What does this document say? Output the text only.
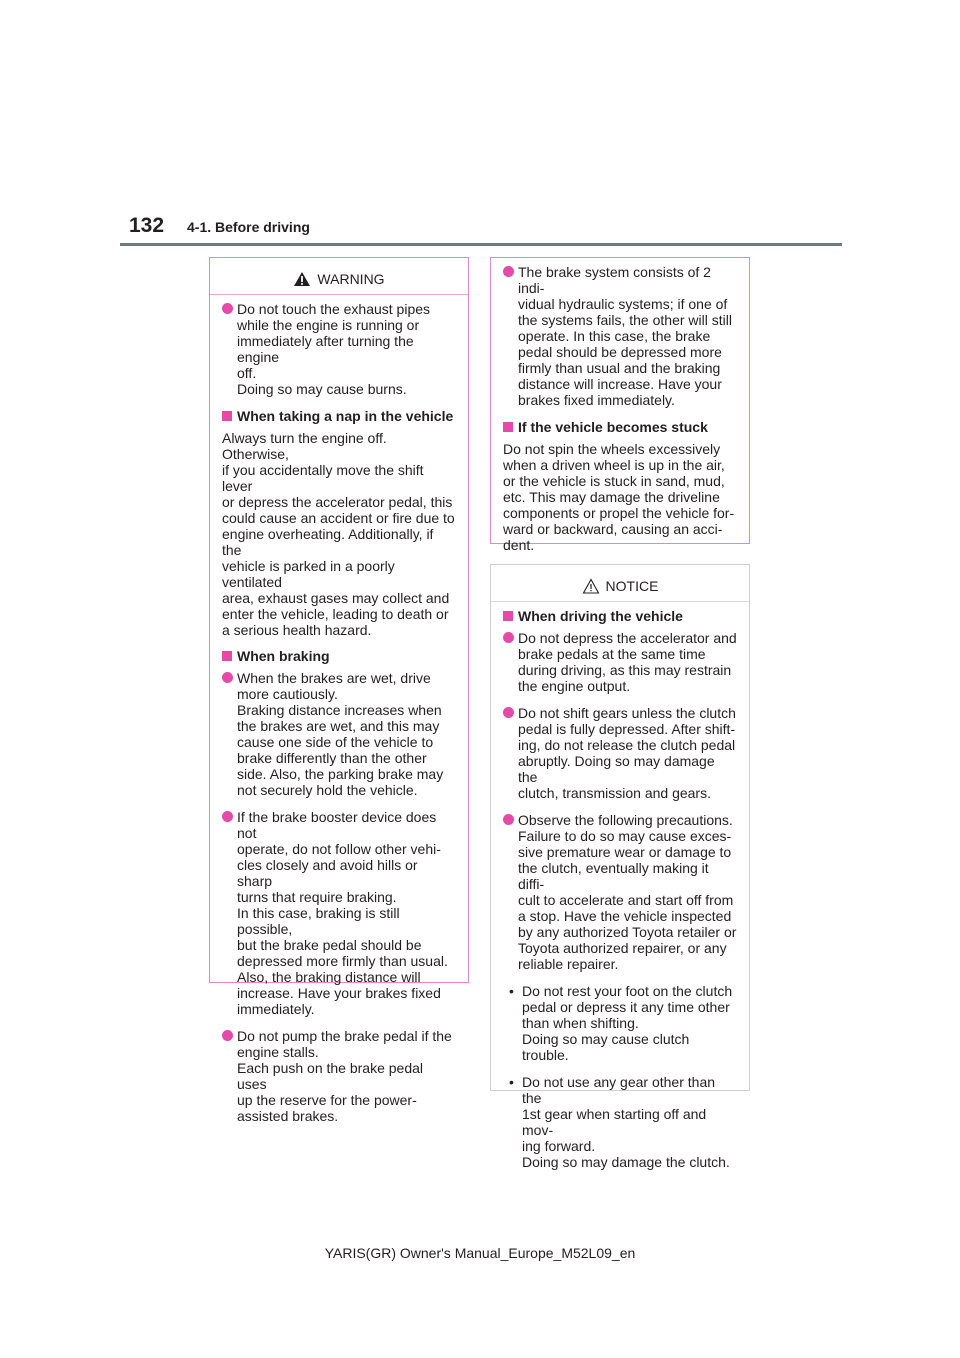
132 4-1. Before driving
WARNING
Do not touch the exhaust pipes
while the engine is running or
immediately after turning the engine
off.
Doing so may cause burns.
When taking a nap in the vehicle

Always turn the engine off. Otherwise,
if you accidentally move the shift lever
or depress the accelerator pedal, this
could cause an accident or fire due to
engine overheating. Additionally, if the
vehicle is parked in a poorly ventilated
area, exhaust gases may collect and
enter the vehicle, leading to death or
a serious health hazard.

When braking
When the brakes are wet, drive
more cautiously.
Braking distance increases when
the brakes are wet, and this may
cause one side of the vehicle to
brake differently than the other
side. Also, the parking brake may
not securely hold the vehicle.
If the brake booster device does not
operate, do not follow other vehi-
cles closely and avoid hills or sharp
turns that require braking.
In this case, braking is still possible,
but the brake pedal should be
depressed more firmly than usual.
Also, the braking distance will
increase. Have your brakes fixed
immediately.
Do not pump the brake pedal if the
engine stalls.
Each push on the brake pedal uses
up the reserve for the power-
assisted brakes.
The brake system consists of 2 indi-
vidual hydraulic systems; if one of
the systems fails, the other will still
operate. In this case, the brake
pedal should be depressed more
firmly than usual and the braking
distance will increase. Have your
brakes fixed immediately.
If the vehicle becomes stuck

Do not spin the wheels excessively
when a driven wheel is up in the air,
or the vehicle is stuck in sand, mud,
etc. This may damage the driveline
components or propel the vehicle for-
ward or backward, causing an acci-
dent.

NOTICE
When driving the vehicle
Do not depress the accelerator and
brake pedals at the same time
during driving, as this may restrain
the engine output.
Do not shift gears unless the clutch
pedal is fully depressed. After shift-
ing, do not release the clutch pedal
abruptly. Doing so may damage the
clutch, transmission and gears.
Observe the following precautions.
Failure to do so may cause exces-
sive premature wear or damage to
the clutch, eventually making it diffi-
cult to accelerate and start off from
a stop. Have the vehicle inspected
by any authorized Toyota retailer or
Toyota authorized repairer, or any
reliable repairer.
• Do not rest your foot on the clutch
pedal or depress it any time other
than when shifting.
Doing so may cause clutch trouble.
• Do not use any gear other than the
1st gear when starting off and mov-
ing forward.
Doing so may damage the clutch.
YARIS(GR) Owner's Manual_Europe_M52L09_en
